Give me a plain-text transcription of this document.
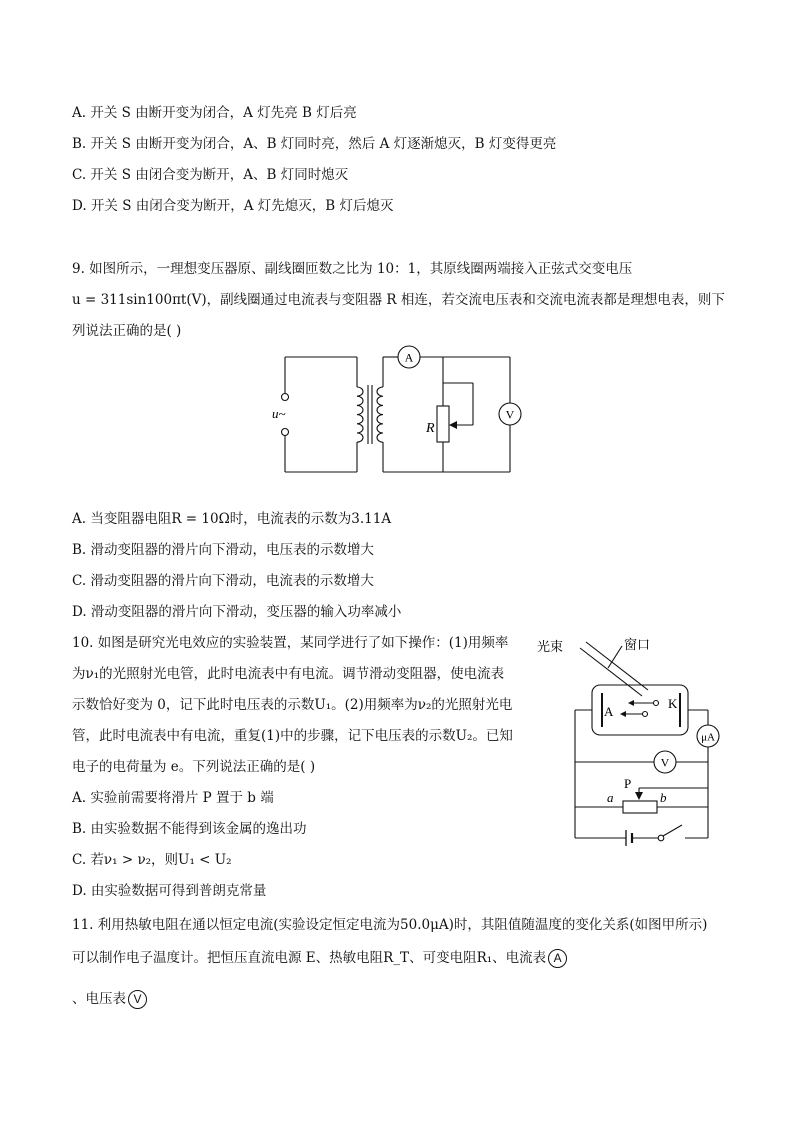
A. 开关 S 由断开变为闭合，A 灯先亮 B 灯后亮
B. 开关 S 由断开变为闭合，A、B 灯同时亮，然后 A 灯逐渐熄灭，B 灯变得更亮
C. 开关 S 由闭合变为断开，A、B 灯同时熄灭
D. 开关 S 由闭合变为断开，A 灯先熄灭，B 灯后熄灭
9. 如图所示，一理想变压器原、副线圈匝数之比为 10：1，其原线圈两端接入正弦式交变电压
u = 311sin100πt(V)，副线圈通过电流表与变阻器 R 相连，若交流电压表和交流电流表都是理想电表，则下
列说法正确的是( )
u~
R
A
V
A. 当变阻器电阻R = 10Ω时，电流表的示数为3.11A
B. 滑动变阻器的滑片向下滑动，电压表的示数增大
C. 滑动变阻器的滑片向下滑动，电流表的示数增大
D. 滑动变阻器的滑片向下滑动，变压器的输入功率减小
10. 如图是研究光电效应的实验装置，某同学进行了如下操作：(1)用频率
为ν₁的光照射光电管，此时电流表中有电流。调节滑动变阻器，使电流表
示数恰好变为 0，记下此时电压表的示数U₁。(2)用频率为ν₂的光照射光电
管，此时电流表中有电流，重复(1)中的步骤，记下电压表的示数U₂。已知
电子的电荷量为 e。下列说法正确的是( )
A. 实验前需要将滑片 P 置于 b 端
B. 由实验数据不能得到该金属的逸出功
C. 若ν₁ > ν₂，则U₁ < U₂
D. 由实验数据可得到普朗克常量
光束	窗口
A
K
μA
V
P
a	b
11. 利用热敏电阻在通以恒定电流(实验设定恒定电流为50.0μA)时，其阻值随温度的变化关系(如图甲所示)
可以制作电子温度计。把恒压直流电源 E、热敏电阻R_T、可变电阻R₁、电流表 A
、电压表 V
